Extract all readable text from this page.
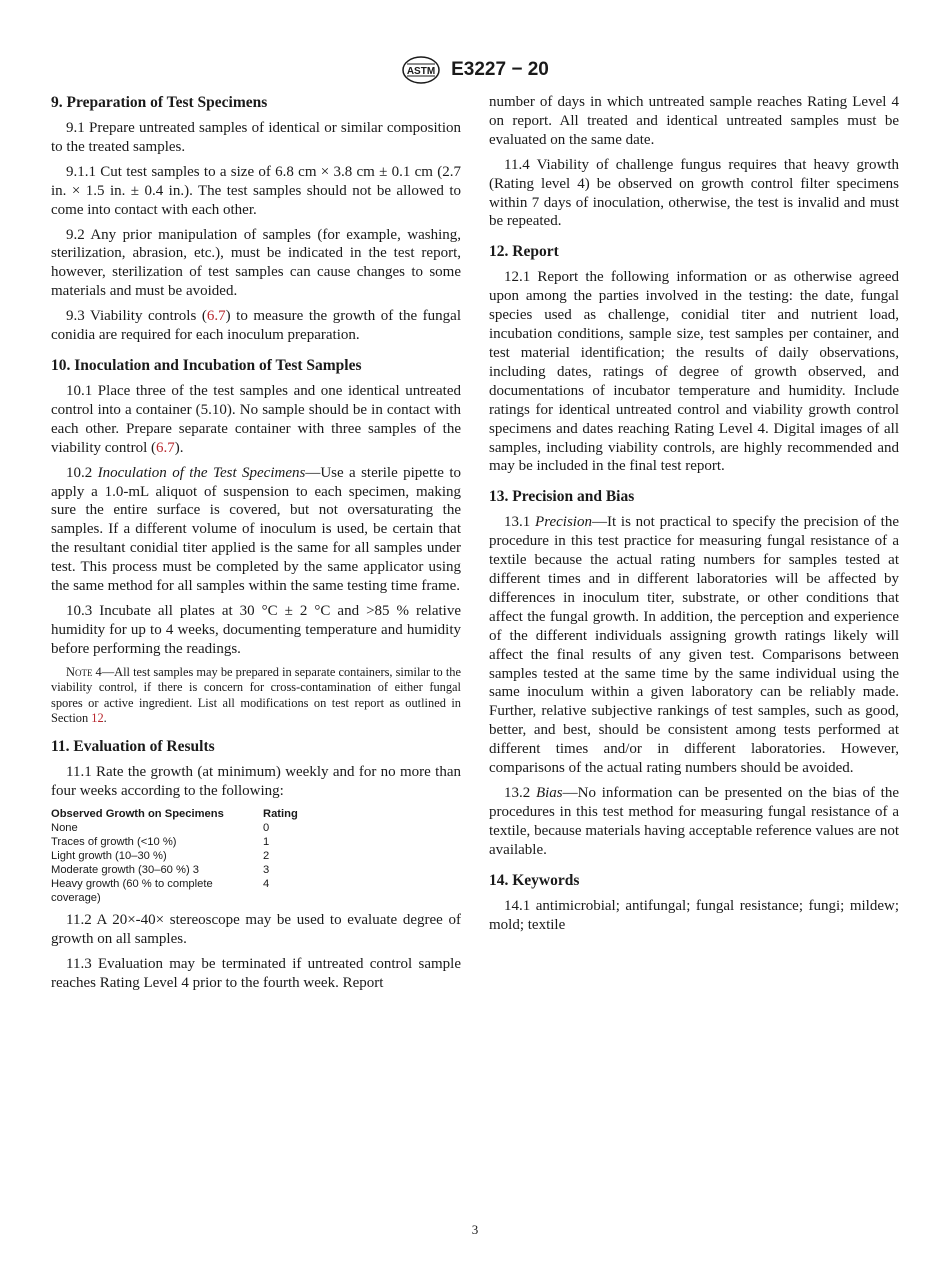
ASTM E3227 − 20
9. Preparation of Test Specimens

9.1 Prepare untreated samples of identical or similar composition to the treated samples.

9.1.1 Cut test samples to a size of 6.8 cm × 3.8 cm ± 0.1 cm (2.7 in. × 1.5 in. ± 0.4 in.). The test samples should not be allowed to come into contact with each other.

9.2 Any prior manipulation of samples (for example, washing, sterilization, abrasion, etc.), must be indicated in the test report, however, sterilization of test samples can cause changes to some materials and must be avoided.

9.3 Viability controls (6.7) to measure the growth of the fungal conidia are required for each inoculum preparation.

10. Inoculation and Incubation of Test Samples

10.1 Place three of the test samples and one identical untreated control into a container (5.10). No sample should be in contact with each other. Prepare separate container with three samples of the viability control (6.7).

10.2 Inoculation of the Test Specimens—Use a sterile pipette to apply a 1.0-mL aliquot of suspension to each specimen, making sure the entire surface is covered, but not oversaturating the samples. If a different volume of inoculum is used, be certain that the resultant conidial titer applied is the same for all samples under test. This process must be completed by the same applicator using the same method for all samples within the same testing time frame.

10.3 Incubate all plates at 30 °C ± 2 °C and >85 % relative humidity for up to 4 weeks, documenting temperature and humidity before performing the readings.

Note 4—All test samples may be prepared in separate containers, similar to the viability control, if there is concern for cross-contamination of either fungal spores or active ingredient. List all modifications on test report as outlined in Section 12.
11. Evaluation of Results

11.1 Rate the growth (at minimum) weekly and for no more than four weeks according to the following:

Observed Growth on Specimens	Rating
None	0
Traces of growth (<10 %)	1
Light growth (10–30 %)	2
Moderate growth (30–60 %) 3	3
Heavy growth (60 % to complete coverage)	4

11.2 A 20×-40× stereoscope may be used to evaluate degree of growth on all samples.

11.3 Evaluation may be terminated if untreated control sample reaches Rating Level 4 prior to the fourth week. Report

number of days in which untreated sample reaches Rating Level 4 on report. All treated and identical untreated samples must be evaluated on the same date.

11.4 Viability of challenge fungus requires that heavy growth (Rating level 4) be observed on growth control filter specimens within 7 days of inoculation, otherwise, the test is invalid and must be repeated.

12. Report

12.1 Report the following information or as otherwise agreed upon among the parties involved in the testing: the date, fungal species used as challenge, conidial titer and nutrient load, incubation conditions, sample size, test samples per container, and test material identification; the results of daily observations, including dates, ratings of degree of growth observed, and documentations of incubator temperature and humidity. Include ratings for identical untreated control and viability growth control specimens and dates reaching Rating Level 4. Digital images of all samples, including viability controls, are highly recommended and may be included in the final test report.

13. Precision and Bias

13.1 Precision—It is not practical to specify the precision of the procedure in this test practice for measuring fungal resistance of a textile because the actual rating numbers for samples tested at different times and in different laboratories will be affected by differences in inoculum titer, substrate, or other conditions that affect the fungal growth. In addition, the perception and experience of the different individuals assigning growth ratings likely will affect the final results of any given test. Comparisons between samples tested at the same time by the same individual using the same inoculum within a given laboratory can be reliably made. Further, relative subjective rankings of test samples, such as good, better, and best, should be consistent among tests performed at different times and/or in different laboratories. However, comparisons of the actual rating numbers should be avoided.

13.2 Bias—No information can be presented on the bias of the procedures in this test method for measuring fungal resistance of a textile, because materials having acceptable reference values are not available.

14. Keywords

14.1 antimicrobial; antifungal; fungal resistance; fungi; mildew; mold; textile

3
